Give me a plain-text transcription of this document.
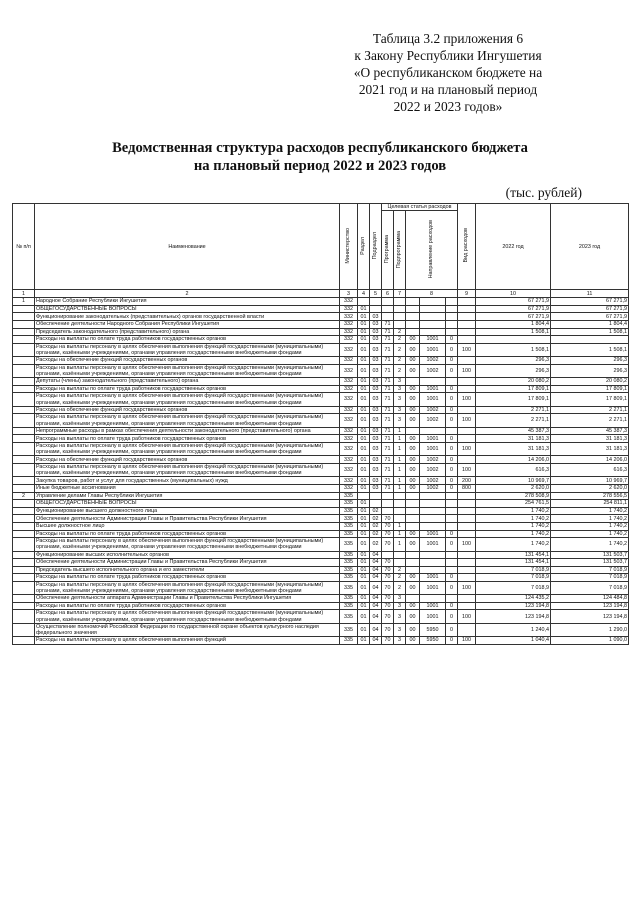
Таблица 3.2 приложения 6
к Закону Республики Ингушетия
«О республиканском бюджете на
2021 год и на плановый период
2022 и 2023 годов»
Ведомственная структура расходов республиканского бюджета
на плановый период 2022 и 2023 годов
(тыс. рублей)
№ п/п	Наименование	Министерство	Раздел	Подраздел	Целевая статья расходов					Вид расходов	2022 год	2023 год
					Программа	Подпрограмма	Направление расходов					
1	2	3	4	5	6	7	8			9	10	11
1	Народное Собрание Республики Ингушетия	332									67 271,9	67 271,9
	ОБЩЕГОСУДАРСТВЕННЫЕ ВОПРОСЫ	332	01								67 271,9	67 271,9
	Функционирование законодательных (представительных) органов государственной власти	332	01	03							67 271,9	67 271,9
	Обеспечение деятельности Народного Собрания Республики Ингушетия	332	01	03	71						1 804,4	1 804,4
	Председатель законодательного (представительного) органа	332	01	03	71	2					1 508,1	1 508,1
	Расходы на выплаты по оплате труда работников государственных органов	332	01	03	71	2	00	1001	0			
	Расходы на выплаты персоналу в целях обеспечения выполнения функций государственными (муниципальными) органами, казёнными учреждениями, органами управления государственными внебюджетными фондами	332	01	03	71	2	00	1001	0	100	1 508,1	1 508,1
	Расходы на обеспечение функций государственных органов	332	01	03	71	2	00	1002	0		296,3	296,3
	Расходы на выплаты персоналу в целях обеспечения выполнения функций государственными (муниципальными) органами, казёнными учреждениями, органами управления государственными внебюджетными фондами	332	01	03	71	2	00	1002	0	100	296,3	296,3
	Депутаты (члены) законодательного (представительного) органа	332	01	03	71	3					20 080,2	20 080,2
	Расходы на выплаты по оплате труда работников государственных органов	332	01	03	71	3	00	1001	0		17 809,1	17 809,1
	Расходы на выплаты персоналу в целях обеспечения выполнения функций государственными (муниципальными) органами, казёнными учреждениями, органами управления государственными внебюджетными фондами	332	01	03	71	3	00	1001	0	100	17 809,1	17 809,1
	Расходы на обеспечение функций государственных органов	332	01	03	71	3	00	1002	0		2 271,1	2 271,1
	Расходы на выплаты персоналу в целях обеспечения выполнения функций государственными (муниципальными) органами, казёнными учреждениями, органами управления государственными внебюджетными фондами	332	01	03	71	3	00	1002	0	100	2 271,1	2 271,1
	Непрограммные расходы в рамках обеспечения деятельности законодательного (представительного) органа	332	01	03	71	1					45 387,3	45 387,3
	Расходы на выплаты по оплате труда работников государственных органов	332	01	03	71	1	00	1001	0		31 181,3	31 181,3
	Расходы на выплаты персоналу в целях обеспечения выполнения функций государственными (муниципальными) органами, казёнными учреждениями, органами управления государственными внебюджетными фондами	332	01	03	71	1	00	1001	0	100	31 181,3	31 181,3
	Расходы на обеспечение функций государственных органов	332	01	03	71	1	00	1002	0		14 206,0	14 206,0
	Расходы на выплаты персоналу в целях обеспечения выполнения функций государственными (муниципальными) органами, казёнными учреждениями, органами управления государственными внебюджетными фондами	332	01	03	71	1	00	1002	0	100	616,3	616,3
	Закупка товаров, работ и услуг для государственных (муниципальных) нужд	332	01	03	71	1	00	1002	0	200	10 969,7	10 969,7
	Иные бюджетные ассигнования	332	01	03	71	1	00	1002	0	800	2 620,0	2 620,0
2	Управление делами Главы Республики Ингушетия	335									278 508,9	278 556,5
	ОБЩЕГОСУДАРСТВЕННЫЕ ВОПРОСЫ	335	01								254 761,5	254 811,1
	Функционирование высшего должностного лица	335	01	02							1 740,2	1 740,2
	Обеспечение деятельности Администрации Главы и Правительства Республики Ингушетия	335	01	02	70						1 740,2	1 740,2
	Высшее должностное лицо	335	01	02	70	1					1 740,2	1 740,2
	Расходы на выплаты по оплате труда работников государственных органов	335	01	02	70	1	00	1001	0		1 740,2	1 740,2
	Расходы на выплаты персоналу в целях обеспечения выполнения функций государственными (муниципальными) органами, казёнными учреждениями, органами управления государственными внебюджетными фондами	335	01	02	70	1	00	1001	0	100	1 740,2	1 740,2
	Функционирование высших исполнительных органов	335	01	04							131 454,1	131 503,7
	Обеспечение деятельности Администрации Главы и Правительства Республики Ингушетия	335	01	04	70						131 454,1	131 503,7
	Председатель высшего исполнительного органа и его заместители	335	01	04	70	2					7 018,9	7 018,9
	Расходы на выплаты по оплате труда работников государственных органов	335	01	04	70	2	00	1001	0		7 018,9	7 018,9
	Расходы на выплаты персоналу в целях обеспечения выполнения функций государственными (муниципальными) органами, казёнными учреждениями, органами управления государственными внебюджетными фондами	335	01	04	70	2	00	1001	0	100	7 018,9	7 018,9
	Обеспечение деятельности аппарата Администрации Главы и Правительства Республики Ингушетия	335	01	04	70	3					124 435,2	124 484,8
	Расходы на выплаты по оплате труда работников государственных органов	335	01	04	70	3	00	1001	0		123 194,8	123 194,8
	Расходы на выплаты персоналу в целях обеспечения выполнения функций государственными (муниципальными) органами, казёнными учреждениями, органами управления государственными внебюджетными фондами	335	01	04	70	3	00	1001	0	100	123 194,8	123 194,8
	Осуществление полномочий Российской Федерации по государственной охране объектов культурного наследия федерального значения	335	01	04	70	3	00	5950	0		1 240,4	1 290,0
	Расходы на выплаты персоналу в целях обеспечения выполнения функций	335	01	04	70	3	00	5950	0	100	1 040,4	1 090,0
